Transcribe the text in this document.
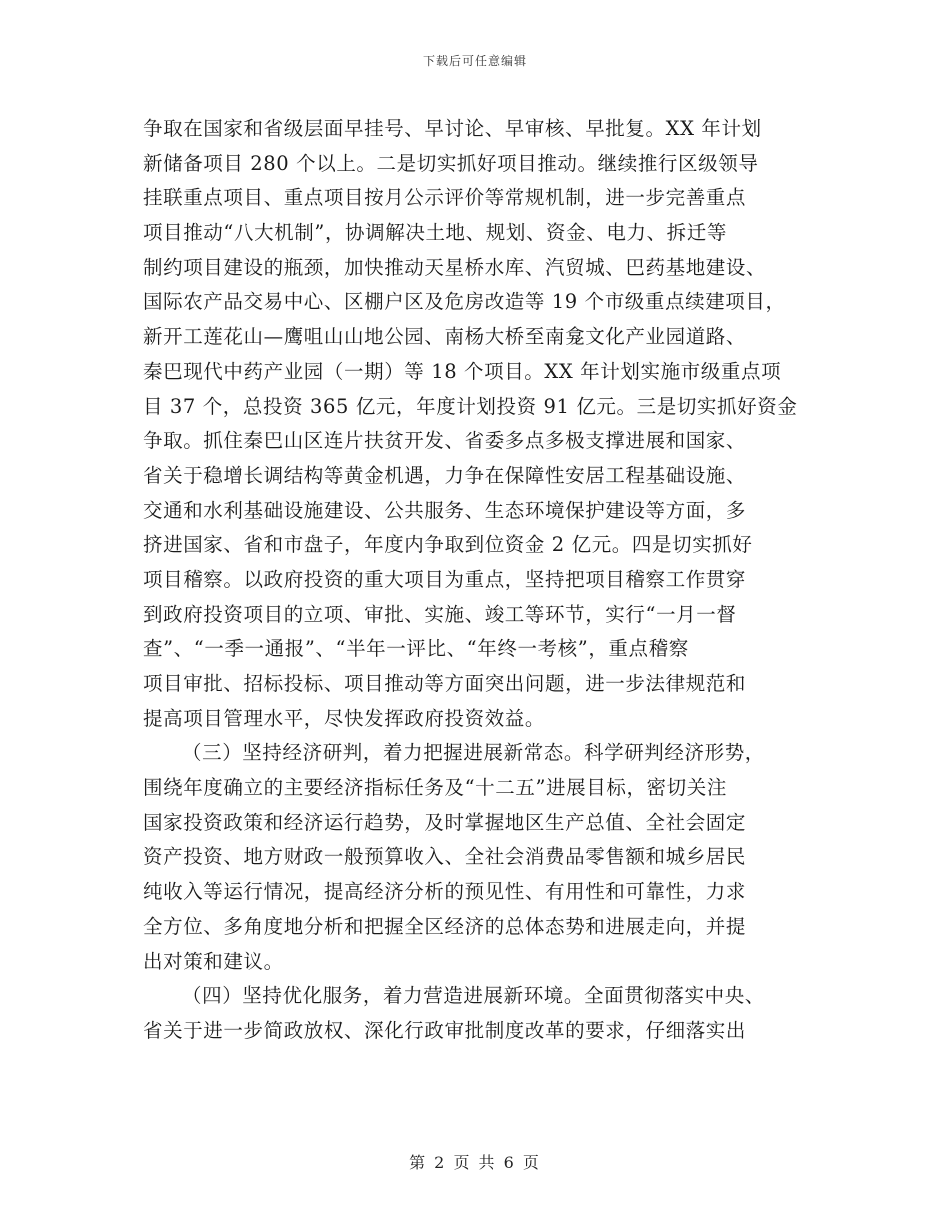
下载后可任意编辑
争取在国家和省级层面早挂号、早讨论、早审核、早批复。XX 年计划
新储备项目 280 个以上。二是切实抓好项目推动。继续推行区级领导
挂联重点项目、重点项目按月公示评价等常规机制，进一步完善重点
项目推动“八大机制”，协调解决土地、规划、资金、电力、拆迁等
制约项目建设的瓶颈，加快推动天星桥水库、汽贸城、巴药基地建设、
国际农产品交易中心、区棚户区及危房改造等 19 个市级重点续建项目，
新开工莲花山—鹰咀山山地公园、南杨大桥至南龛文化产业园道路、
秦巴现代中药产业园（一期）等 18 个项目。XX 年计划实施市级重点项
目 37 个，总投资 365 亿元，年度计划投资 91 亿元。三是切实抓好资金
争取。抓住秦巴山区连片扶贫开发、省委多点多极支撑进展和国家、
省关于稳增长调结构等黄金机遇，力争在保障性安居工程基础设施、
交通和水利基础设施建设、公共服务、生态环境保护建设等方面，多
挤进国家、省和市盘子，年度内争取到位资金 2 亿元。四是切实抓好
项目稽察。以政府投资的重大项目为重点，坚持把项目稽察工作贯穿
到政府投资项目的立项、审批、实施、竣工等环节，实行“一月一督
查”、“一季一通报”、“半年一评比、“年终一考核”，重点稽察
项目审批、招标投标、项目推动等方面突出问题，进一步法律规范和
提高项目管理水平，尽快发挥政府投资效益。
（三）坚持经济研判，着力把握进展新常态。科学研判经济形势，
围绕年度确立的主要经济指标任务及“十二五”进展目标，密切关注
国家投资政策和经济运行趋势，及时掌握地区生产总值、全社会固定
资产投资、地方财政一般预算收入、全社会消费品零售额和城乡居民
纯收入等运行情况，提高经济分析的预见性、有用性和可靠性，力求
全方位、多角度地分析和把握全区经济的总体态势和进展走向，并提
出对策和建议。
（四）坚持优化服务，着力营造进展新环境。全面贯彻落实中央、
省关于进一步简政放权、深化行政审批制度改革的要求，仔细落实出
第 2 页 共 6 页
